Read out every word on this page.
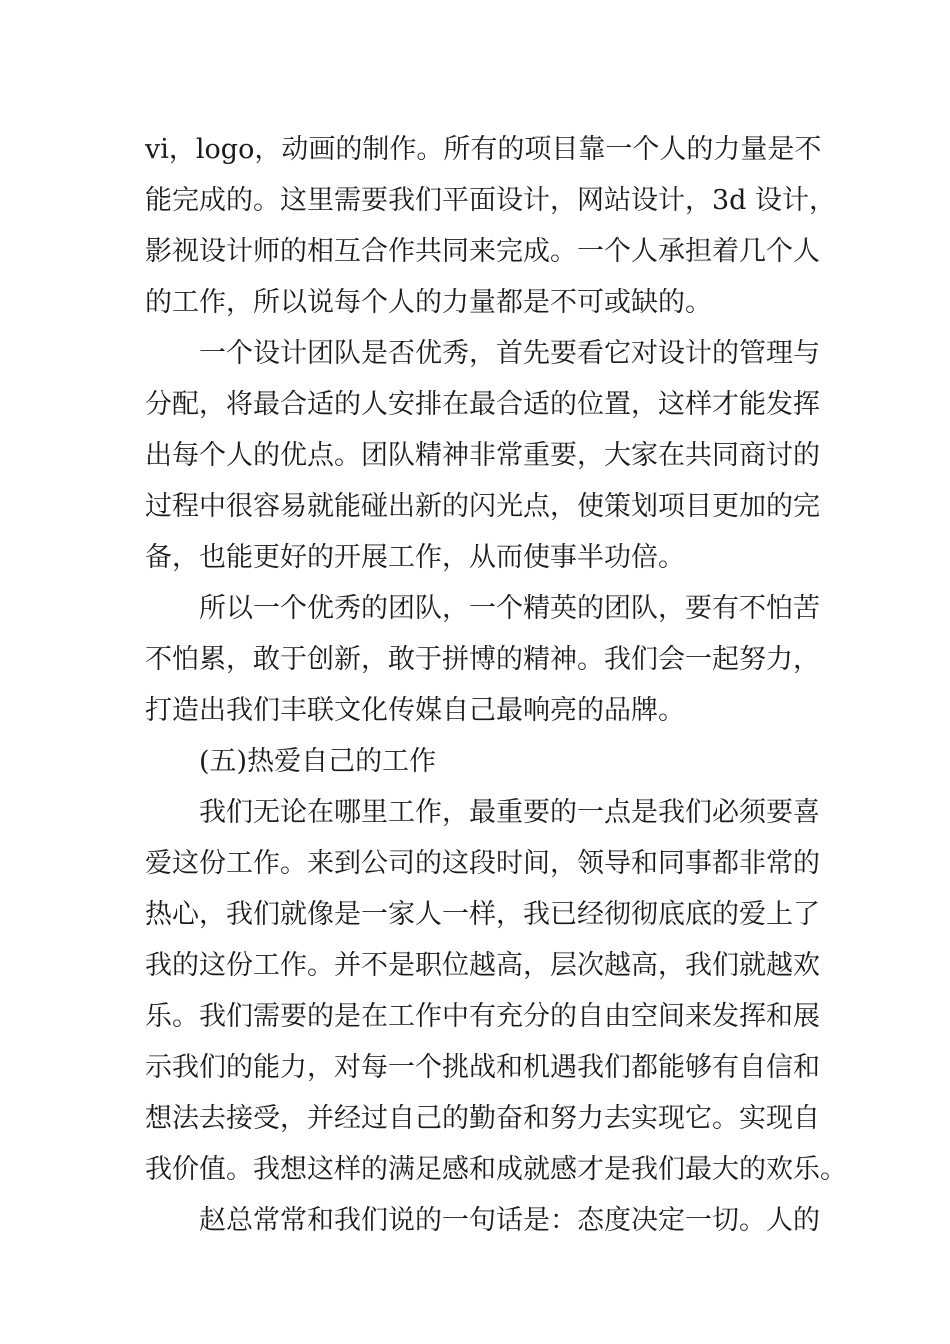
vi，logo，动画的制作。所有的项目靠一个人的力量是不
能完成的。这里需要我们平面设计，网站设计，3d 设计，
影视设计师的相互合作共同来完成。一个人承担着几个人
的工作，所以说每个人的力量都是不可或缺的。
一个设计团队是否优秀，首先要看它对设计的管理与
分配，将最合适的人安排在最合适的位置，这样才能发挥
出每个人的优点。团队精神非常重要，大家在共同商讨的
过程中很容易就能碰出新的闪光点，使策划项目更加的完
备，也能更好的开展工作，从而使事半功倍。
所以一个优秀的团队，一个精英的团队，要有不怕苦
不怕累，敢于创新，敢于拼博的精神。我们会一起努力，
打造出我们丰联文化传媒自己最响亮的品牌。
(五)热爱自己的工作
我们无论在哪里工作，最重要的一点是我们必须要喜
爱这份工作。来到公司的这段时间，领导和同事都非常的
热心，我们就像是一家人一样，我已经彻彻底底的爱上了
我的这份工作。并不是职位越高，层次越高，我们就越欢
乐。我们需要的是在工作中有充分的自由空间来发挥和展
示我们的能力，对每一个挑战和机遇我们都能够有自信和
想法去接受，并经过自己的勤奋和努力去实现它。实现自
我价值。我想这样的满足感和成就感才是我们最大的欢乐。
赵总常常和我们说的一句话是：态度决定一切。人的
